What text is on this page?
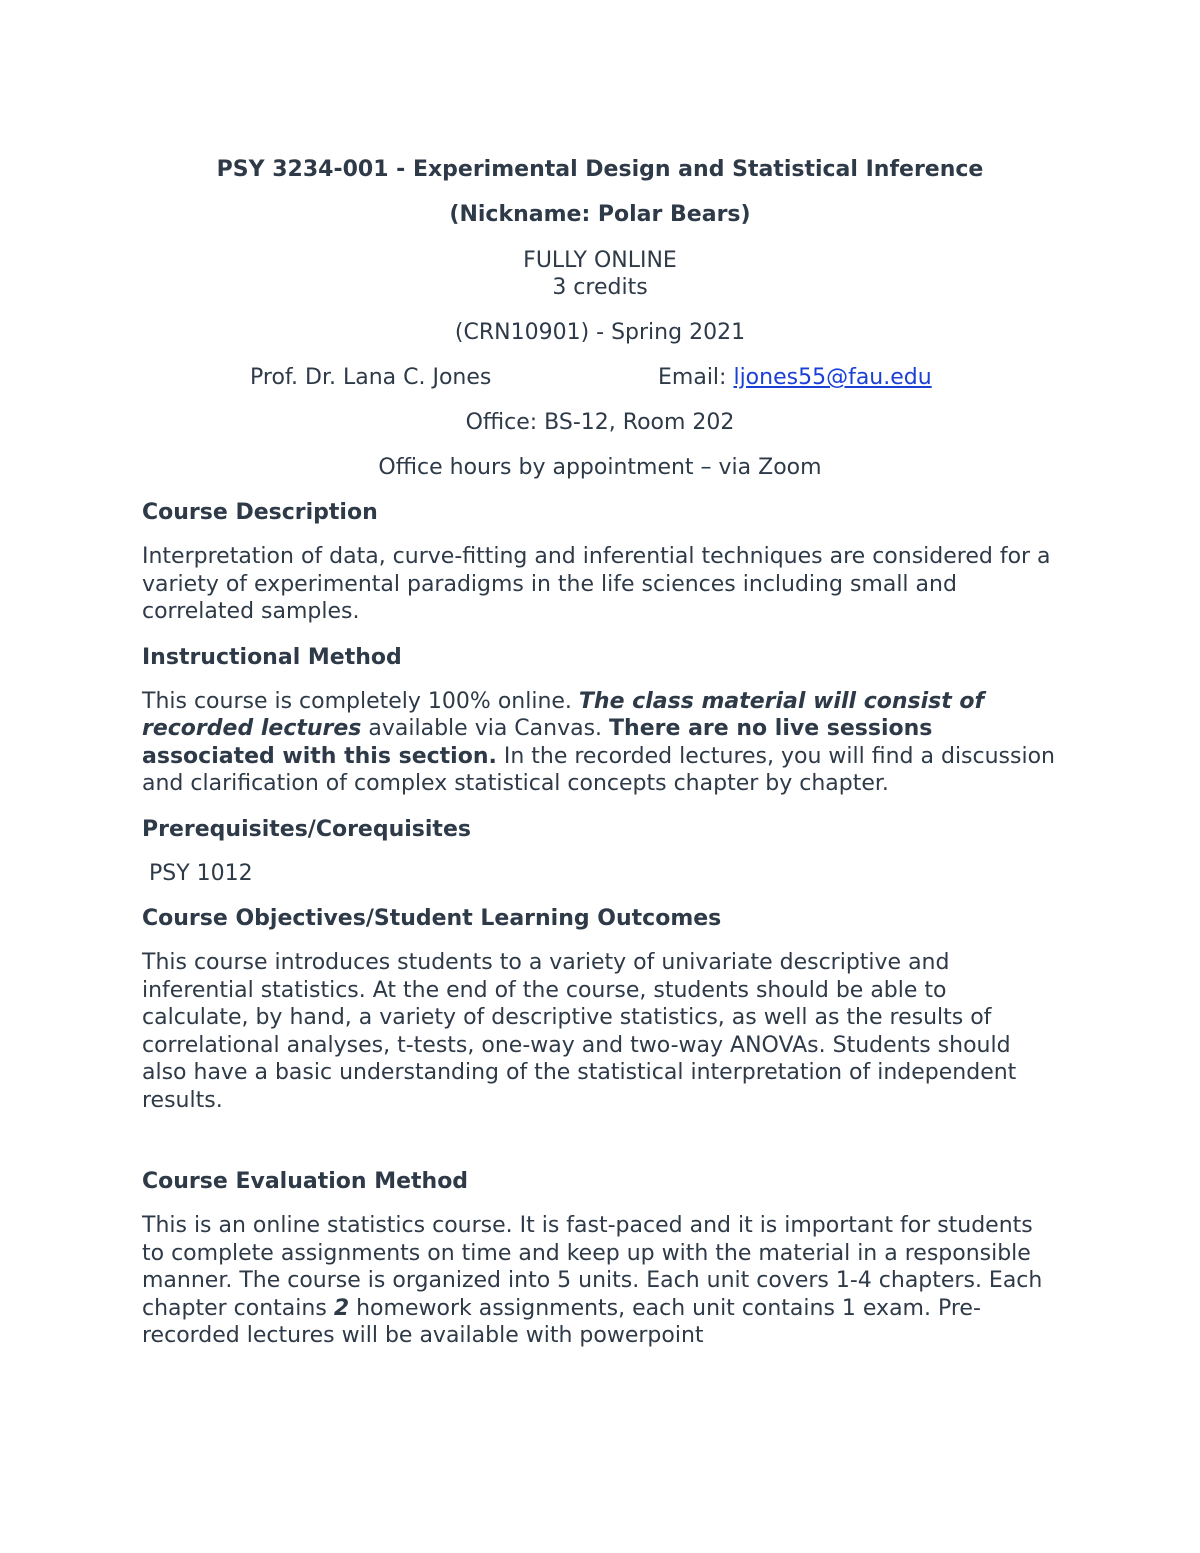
PSY 3234-001 - Experimental Design and Statistical Inference

(Nickname: Polar Bears)

FULLY ONLINE

3 credits

(CRN10901) - Spring 2021

Prof. Dr. Lana C. Jones	Email: ljones55@fau.edu

Office: BS-12, Room 202

Office hours by appointment – via Zoom

Course Description

Interpretation of data, curve-fitting and inferential techniques are considered for a variety of experimental paradigms in the life sciences including small and correlated samples.

Instructional Method

This course is completely 100% online. The class material will consist of recorded lectures available via Canvas. There are no live sessions associated with this section. In the recorded lectures, you will find a discussion and clarification of complex statistical concepts chapter by chapter.

Prerequisites/Corequisites

PSY 1012

Course Objectives/Student Learning Outcomes

This course introduces students to a variety of univariate descriptive and inferential statistics. At the end of the course, students should be able to calculate, by hand, a variety of descriptive statistics, as well as the results of correlational analyses, t-tests, one-way and two-way ANOVAs. Students should also have a basic understanding of the statistical interpretation of independent results.

Course Evaluation Method

This is an online statistics course. It is fast-paced and it is important for students to complete assignments on time and keep up with the material in a responsible manner. The course is organized into 5 units. Each unit covers 1-4 chapters. Each chapter contains 2 homework assignments, each unit contains 1 exam. Pre-recorded lectures will be available with powerpoint
